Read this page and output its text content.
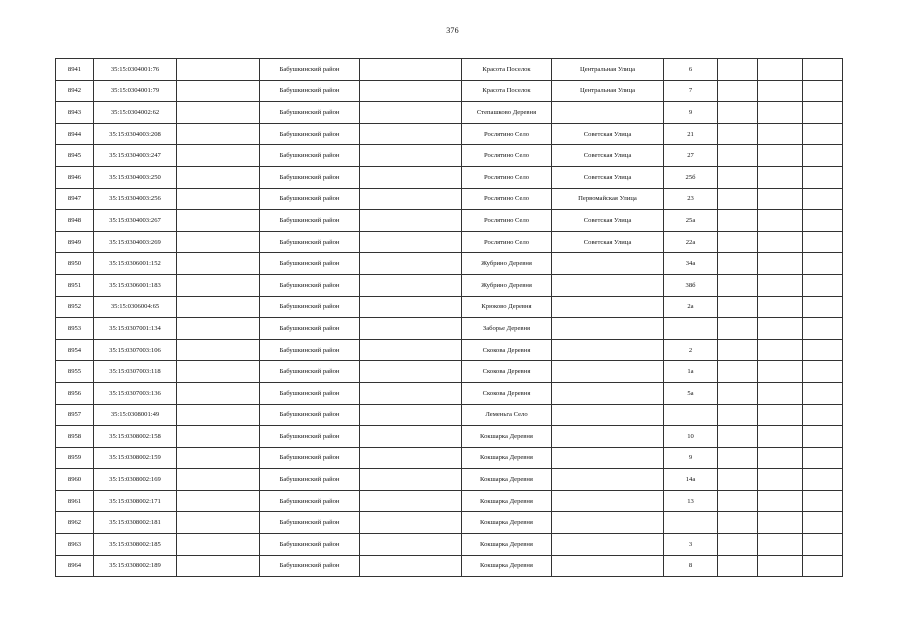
376
8941	35:15:0304001:76		Бабушкинский район		Красота Поселок	Центральная Улица	6			
8942	35:15:0304001:79		Бабушкинский район		Красота Поселок	Центральная Улица	7			
8943	35:15:0304002:62		Бабушкинский район		Степашково Деревня		9			
8944	35:15:0304003:208		Бабушкинский район		Рослятино Село	Советская Улица	21			
8945	35:15:0304003:247		Бабушкинский район		Рослятино Село	Советская Улица	27			
8946	35:15:0304003:250		Бабушкинский район		Рослятино Село	Советская Улица	25б			
8947	35:15:0304003:256		Бабушкинский район		Рослятино Село	Первомайская Улица	23			
8948	35:15:0304003:267		Бабушкинский район		Рослятино Село	Советская Улица	25а			
8949	35:15:0304003:269		Бабушкинский район		Рослятино Село	Советская Улица	22а			
8950	35:15:0306001:152		Бабушкинский район		Жубрино Деревня		34а			
8951	35:15:0306001:183		Бабушкинский район		Жубрино Деревня		38б			
8952	35:15:0306004:65		Бабушкинский район		Крюково Деревня		2а			
8953	35:15:0307001:134		Бабушкинский район		Заборье Деревня					
8954	35:15:0307003:106		Бабушкинский район		Скокова Деревня		2			
8955	35:15:0307003:118		Бабушкинский район		Скокова Деревня		1а			
8956	35:15:0307003:136		Бабушкинский район		Скокова Деревня		5а			
8957	35:15:0308001:49		Бабушкинский район		Леменьга Село					
8958	35:15:0308002:158		Бабушкинский район		Кокшарка Деревня		10			
8959	35:15:0308002:159		Бабушкинский район		Кокшарка Деревня		9			
8960	35:15:0308002:169		Бабушкинский район		Кокшарка Деревня		14а			
8961	35:15:0308002:171		Бабушкинский район		Кокшарка Деревня		13			
8962	35:15:0308002:181		Бабушкинский район		Кокшарка Деревня					
8963	35:15:0308002:185		Бабушкинский район		Кокшарка Деревня		3			
8964	35:15:0308002:189		Бабушкинский район		Кокшарка Деревня		8			
